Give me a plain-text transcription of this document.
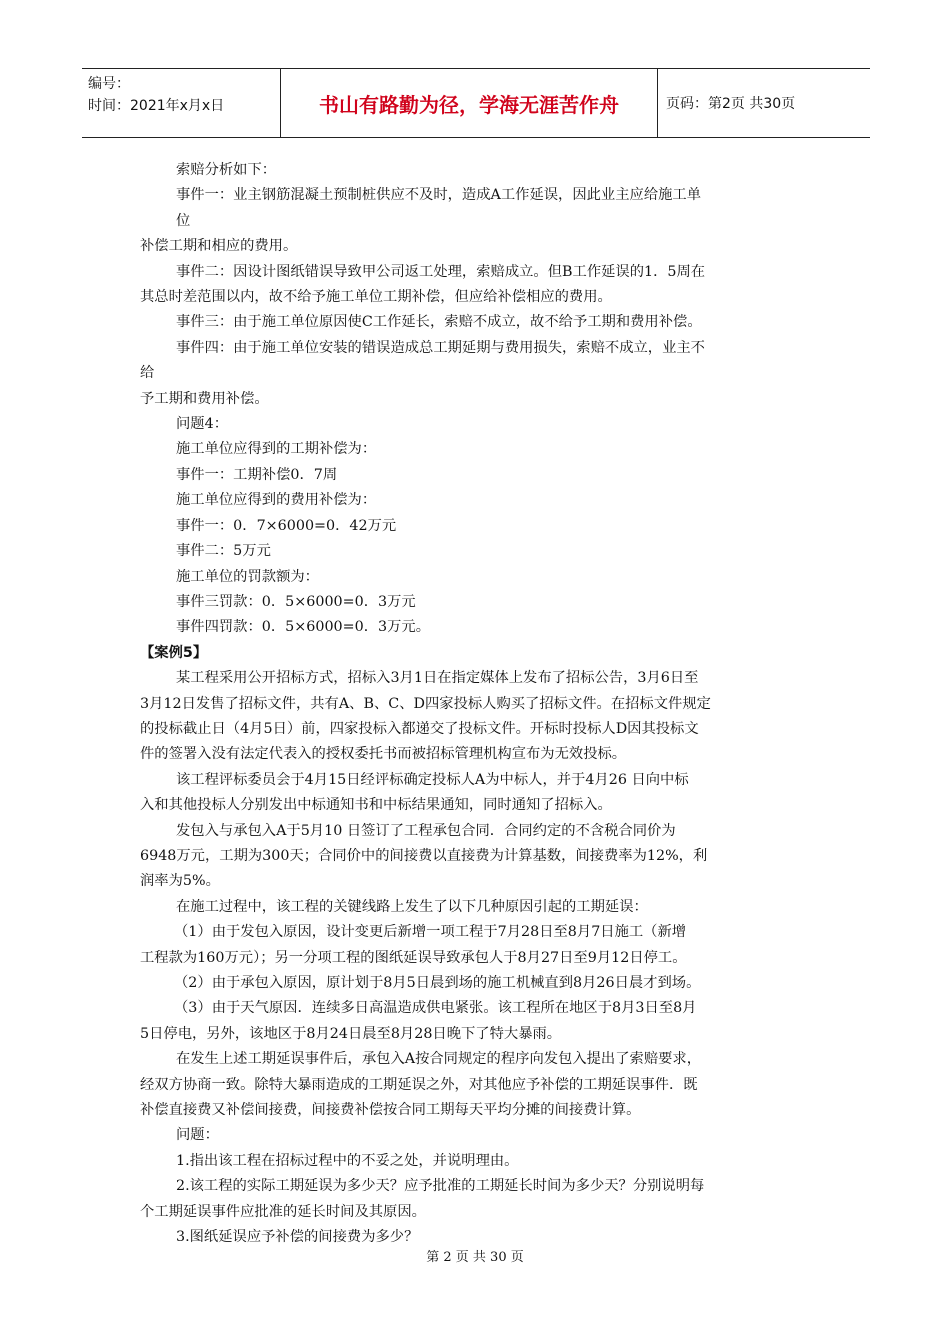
编号：
时间：2021年x月x日	书山有路勤为径，学海无涯苦作舟	页码：第2页 共30页
索赔分析如下：
事件一：业主钢筋混凝土预制桩供应不及时，造成A工作延误，因此业主应给施工单
位
补偿工期和相应的费用。
事件二：因设计图纸错误导致甲公司返工处理，索赔成立。但B工作延误的1．5周在
其总时差范围以内，故不给予施工单位工期补偿，但应给补偿相应的费用。
事件三：由于施工单位原因使C工作延长，索赔不成立，故不给予工期和费用补偿。
事件四：由于施工单位安装的错误造成总工期延期与费用损失，索赔不成立，业主不
给
予工期和费用补偿。
问题4：
施工单位应得到的工期补偿为：
事件一：工期补偿0．7周
施工单位应得到的费用补偿为：
事件一：0．7×6000=0．42万元
事件二：5万元
施工单位的罚款额为：
事件三罚款：0．5×6000=0．3万元
事件四罚款：0．5×6000=0．3万元。
【案例5】
某工程采用公开招标方式，招标入3月1日在指定媒体上发布了招标公告，3月6日至
3月12日发售了招标文件，共有A、B、C、D四家投标人购买了招标文件。在招标文件规定
的投标截止日（4月5日）前，四家投标入都递交了投标文件。开标时投标人D因其投标文
件的签署入没有法定代表入的授权委托书而被招标管理机构宣布为无效投标。
该工程评标委员会于4月15日经评标确定投标人A为中标人，并于4月26 日向中标
入和其他投标人分别发出中标通知书和中标结果通知，同时通知了招标入。
发包入与承包入A于5月10 日签订了工程承包合同．合同约定的不含税合同价为
6948万元，工期为300天；合同价中的间接费以直接费为计算基数，间接费率为12%，利
润率为5%。
在施工过程中，该工程的关键线路上发生了以下几种原因引起的工期延误：
（1）由于发包入原因，设计变更后新增一项工程于7月28日至8月7日施工（新增
工程款为160万元）；另一分项工程的图纸延误导致承包人于8月27日至9月12日停工。
（2）由于承包入原因，原计划于8月5日晨到场的施工机械直到8月26日晨才到场。
（3）由于天气原因．连续多日高温造成供电紧张。该工程所在地区于8月3日至8月
5日停电，另外，该地区于8月24日晨至8月28日晚下了特大暴雨。
在发生上述工期延误事件后，承包入A按合同规定的程序向发包入提出了索赔要求，
经双方协商一致。除特大暴雨造成的工期延误之外，对其他应予补偿的工期延误事件．既
补偿直接费又补偿间接费，间接费补偿按合同工期每天平均分摊的间接费计算。
问题：
1.指出该工程在招标过程中的不妥之处，并说明理由。
2.该工程的实际工期延误为多少天？应予批准的工期延长时间为多少天？分别说明每
个工期延误事件应批准的延长时间及其原因。
3.图纸延误应予补偿的间接费为多少？
第 2 页 共 30 页
